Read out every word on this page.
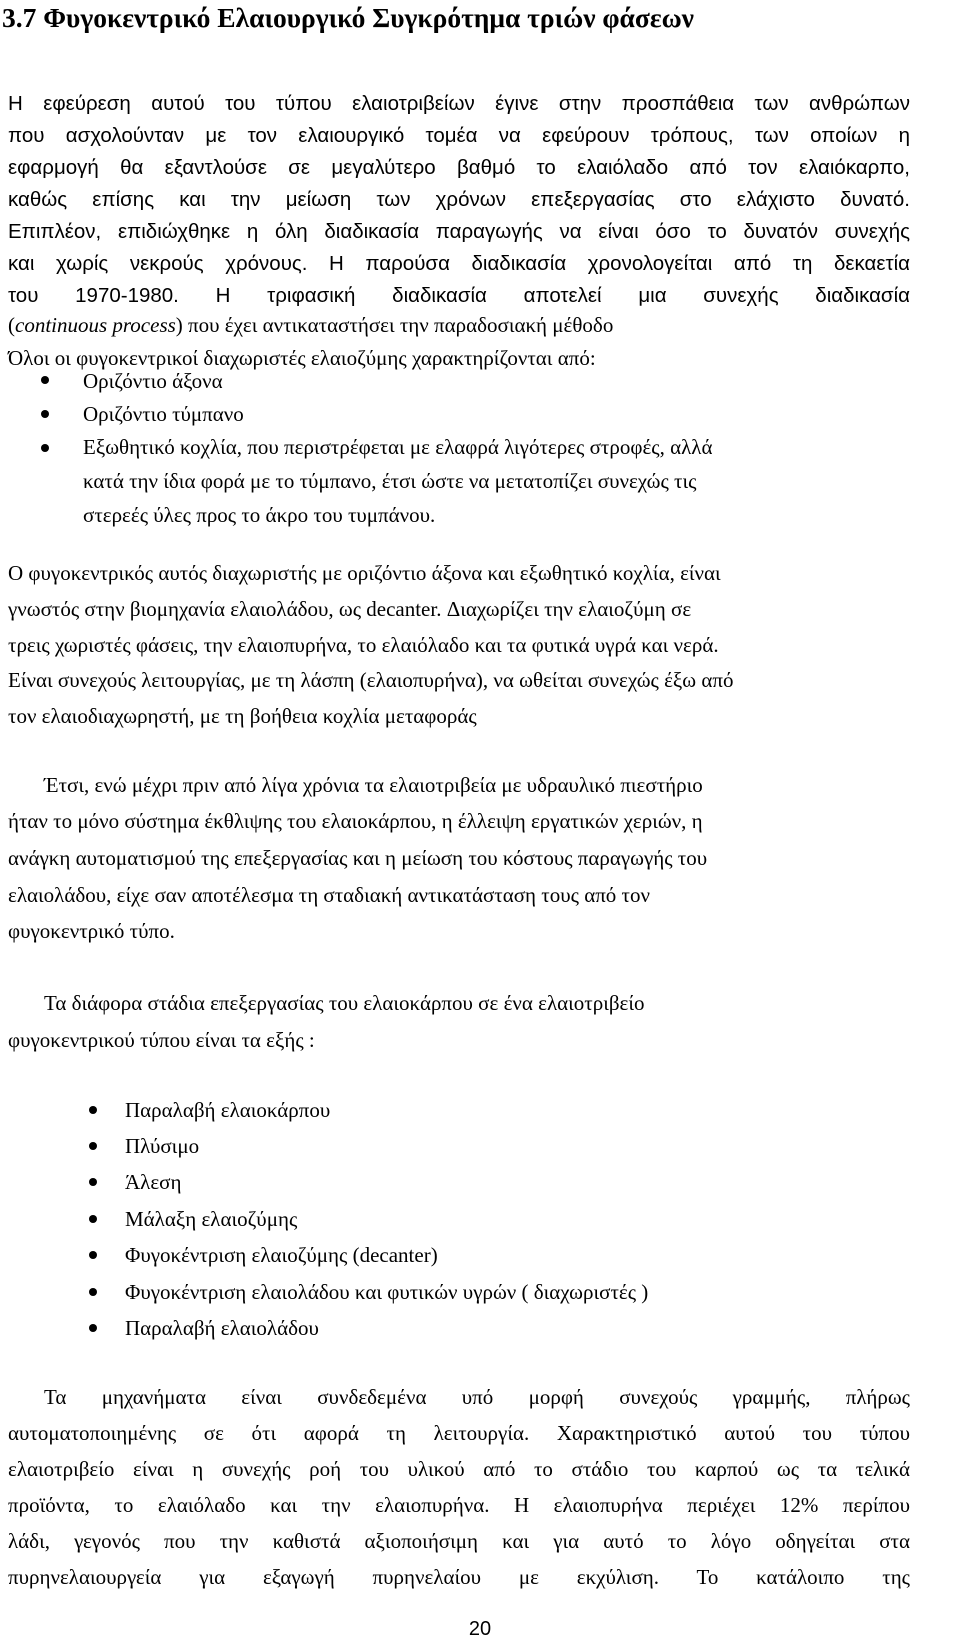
3.7 Φυγοκεντρικό Ελαιουργικό Συγκρότημα τριών φάσεων
Η εφεύρεση αυτού του τύπου ελαιοτριβείων έγινε στην προσπάθεια των ανθρώπων
που ασχολούνταν με τον ελαιουργικό τομέα να εφεύρουν τρόπους, των οποίων η
εφαρμογή θα εξαντλούσε σε μεγαλύτερο βαθμό το ελαιόλαδο από τον ελαιόκαρπο,
καθώς επίσης και την μείωση των χρόνων επεξεργασίας στο ελάχιστο δυνατό.
Επιπλέον, επιδιώχθηκε η όλη διαδικασία παραγωγής να είναι όσο το δυνατόν συνεχής
και χωρίς νεκρούς χρόνους. Η παρούσα διαδικασία χρονολογείται από τη δεκαετία
του 1970-1980. Η τριφασική διαδικασία αποτελεί μια συνεχής διαδικασία
(continuous process) που έχει αντικαταστήσει την παραδοσιακή μέθοδο
Όλοι οι φυγοκεντρικοί διαχωριστές ελαιοζύμης χαρακτηρίζονται από:
Οριζόντιο άξονα
Οριζόντιο τύμπανο
Εξωθητικό κοχλία, που περιστρέφεται με ελαφρά λιγότερες στροφές, αλλά
κατά την ίδια φορά με το τύμπανο, έτσι ώστε να μετατοπίζει συνεχώς τις
στερεές ύλες προς το άκρο του τυμπάνου.
Ο φυγοκεντρικός αυτός διαχωριστής με οριζόντιο άξονα και εξωθητικό κοχλία, είναι
γνωστός στην βιομηχανία ελαιολάδου, ως decanter. Διαχωρίζει την ελαιοζύμη σε
τρεις χωριστές φάσεις, την ελαιοπυρήνα, το ελαιόλαδο και τα φυτικά υγρά και νερά.
Είναι συνεχούς λειτουργίας, με τη λάσπη (ελαιοπυρήνα), να ωθείται συνεχώς έξω από
τον ελαιοδιαχωρηστή, με τη βοήθεια κοχλία μεταφοράς
Έτσι, ενώ μέχρι πριν από λίγα χρόνια τα ελαιοτριβεία με υδραυλικό πιεστήριο
ήταν το μόνο σύστημα έκθλιψης του ελαιοκάρπου, η έλλειψη εργατικών χεριών, η
ανάγκη αυτοματισμού της επεξεργασίας και η μείωση του κόστους παραγωγής του
ελαιολάδου, είχε σαν αποτέλεσμα τη σταδιακή αντικατάσταση τους από τον
φυγοκεντρικό τύπο.
Τα διάφορα στάδια επεξεργασίας του ελαιοκάρπου σε ένα ελαιοτριβείο
φυγοκεντρικού τύπου είναι τα εξής :
Παραλαβή ελαιοκάρπου
Πλύσιμο
Άλεση
Μάλαξη ελαιοζύμης
Φυγοκέντριση ελαιοζύμης (decanter)
Φυγοκέντριση ελαιολάδου και φυτικών υγρών ( διαχωριστές )
Παραλαβή ελαιολάδου
Τα μηχανήματα είναι συνδεδεμένα υπό μορφή συνεχούς γραμμής, πλήρως
αυτοματοποιημένης σε ότι αφορά τη λειτουργία. Χαρακτηριστικό αυτού του τύπου
ελαιοτριβείο είναι η συνεχής ροή του υλικού από το στάδιο του καρπού ως τα τελικά
προϊόντα, το ελαιόλαδο και την ελαιοπυρήνα. Η ελαιοπυρήνα περιέχει 12% περίπου
λάδι, γεγονός που την καθιστά αξιοποιήσιμη και για αυτό το λόγο οδηγείται στα
πυρηνελαιουργεία για εξαγωγή πυρηνελαίου με εκχύλιση. Το κατάλοιπο της
20
